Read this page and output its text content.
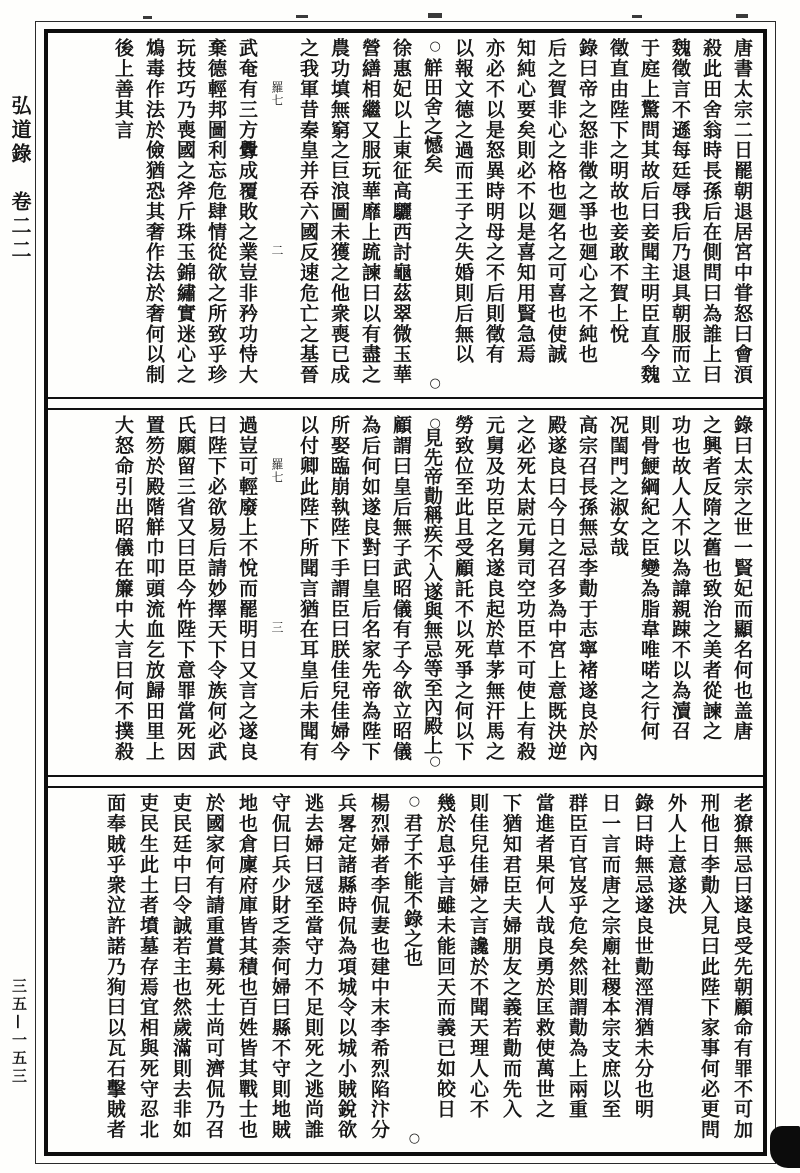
弘道錄　卷二二
三五—一五三
唐書太宗二日罷朝退居宮中甞怒曰會湏
殺此田舍翁時長孫后在側問曰為誰上曰
魏徵言不遜每廷辱我后乃退具朝服而立
于庭上驚問其故后曰妾聞主明臣直今魏
徵直由陛下之明故也妾敢不賀上悅
錄曰帝之怒非徵之爭也廻心之不純也
后之賀非心之格也廻名之可喜也使誠
知純心要矣則必不以是喜知用賢急焉
亦必不以是怒異時明母之不后則徵有
以報文德之過而王子之失婚則后無以
○
觧田舍之憾矣
○
徐惠妃以上東征高驪西討龜茲翠微玉華
營繕相繼又服玩華靡上䟽諫曰以有盡之
農功填無窮之巨浪圖未獲之他衆喪已成
之我軍昔秦皇并吞六國反速危亡之基晉
羅七
二
武奄有三方釁成覆敗之業豈非矜功恃大
棄德輕邦圖利忘危肆情從欲之所致乎珍
玩技巧乃喪國之斧斤珠玉錦繡實迷心之
鴆毒作法於儉猶恐其奢作法於奢何以制
後上善其言
錄曰太宗之世一賢妃而顯名何也盖唐
之興者反隋之舊也致治之美者從諫之
功也故人人不以為諱親踈不以為瀆召
則骨鯁綱紀之臣變為脂韋唯喏之行何
况閨門之淑女哉
高宗召長孫無忌李勣于志寧褚遂良於內
殿遂良曰今日之召多為中宮上意既決逆
之必死太尉元舅司空功臣不可使上有殺
元舅及功臣之名遂良起於草茅無汗馬之
勞致位至此且受顧託不以死爭之何以下
○
見先帝勣稱疾不入遂與無忌等至內殿上
○
顧謂曰皇后無子武昭儀有子今欲立昭儀
為后何如遂良對曰皇后名家先帝為陛下
所娶臨崩執陛下手謂臣曰朕佳兒佳婦今
以付卿此陛下所聞言猶在耳皇后未聞有
羅七
三
過豈可輕廢上不悅而罷明日又言之遂良
曰陛下必欲易后請妙擇天下令族何必武
氏願留三省又曰臣今忤陛下意罪當死因
置笏於殿階觧巾叩頭流血乞放歸田里上
大怒命引出昭儀在簾中大言曰何不撲殺
老獠無忌曰遂良受先朝顧命有罪不可加
刑他日李勣入見曰此陛下家事何必更問
外人上意遂決
錄曰時無忌遂良世勣涇渭猶未分也明
日一言而唐之宗廟社稷本宗支庶以至
群臣百官岌乎危矣然則謂勣為上兩重
當進者果何人哉良勇於匡救使萬世之
下猶知君臣夫婦朋友之義若勣而先入
則佳兒佳婦之言讒於不聞天理人心不
幾於息乎言雖未能回天而義已如皎日
○
君子不能不錄之也
○
楊烈婦者李侃妻也建中末李希烈陷汴分
兵畧定諸縣時侃為項城令以城小賊銳欲
逃去婦曰冦至當守力不足則死之逃尚誰
守侃曰兵少財乏柰何婦曰縣不守則地賊
地也倉廩府庫皆其積也百姓皆其戰士也
於國家何有請重賞募死士尚可濟侃乃召
吏民廷中曰令誠若主也然歲滿則去非如
吏民生此土者墳墓存焉宜相與死守忍北
面奉賊乎衆泣許諾乃狥曰以瓦石擊賊者
